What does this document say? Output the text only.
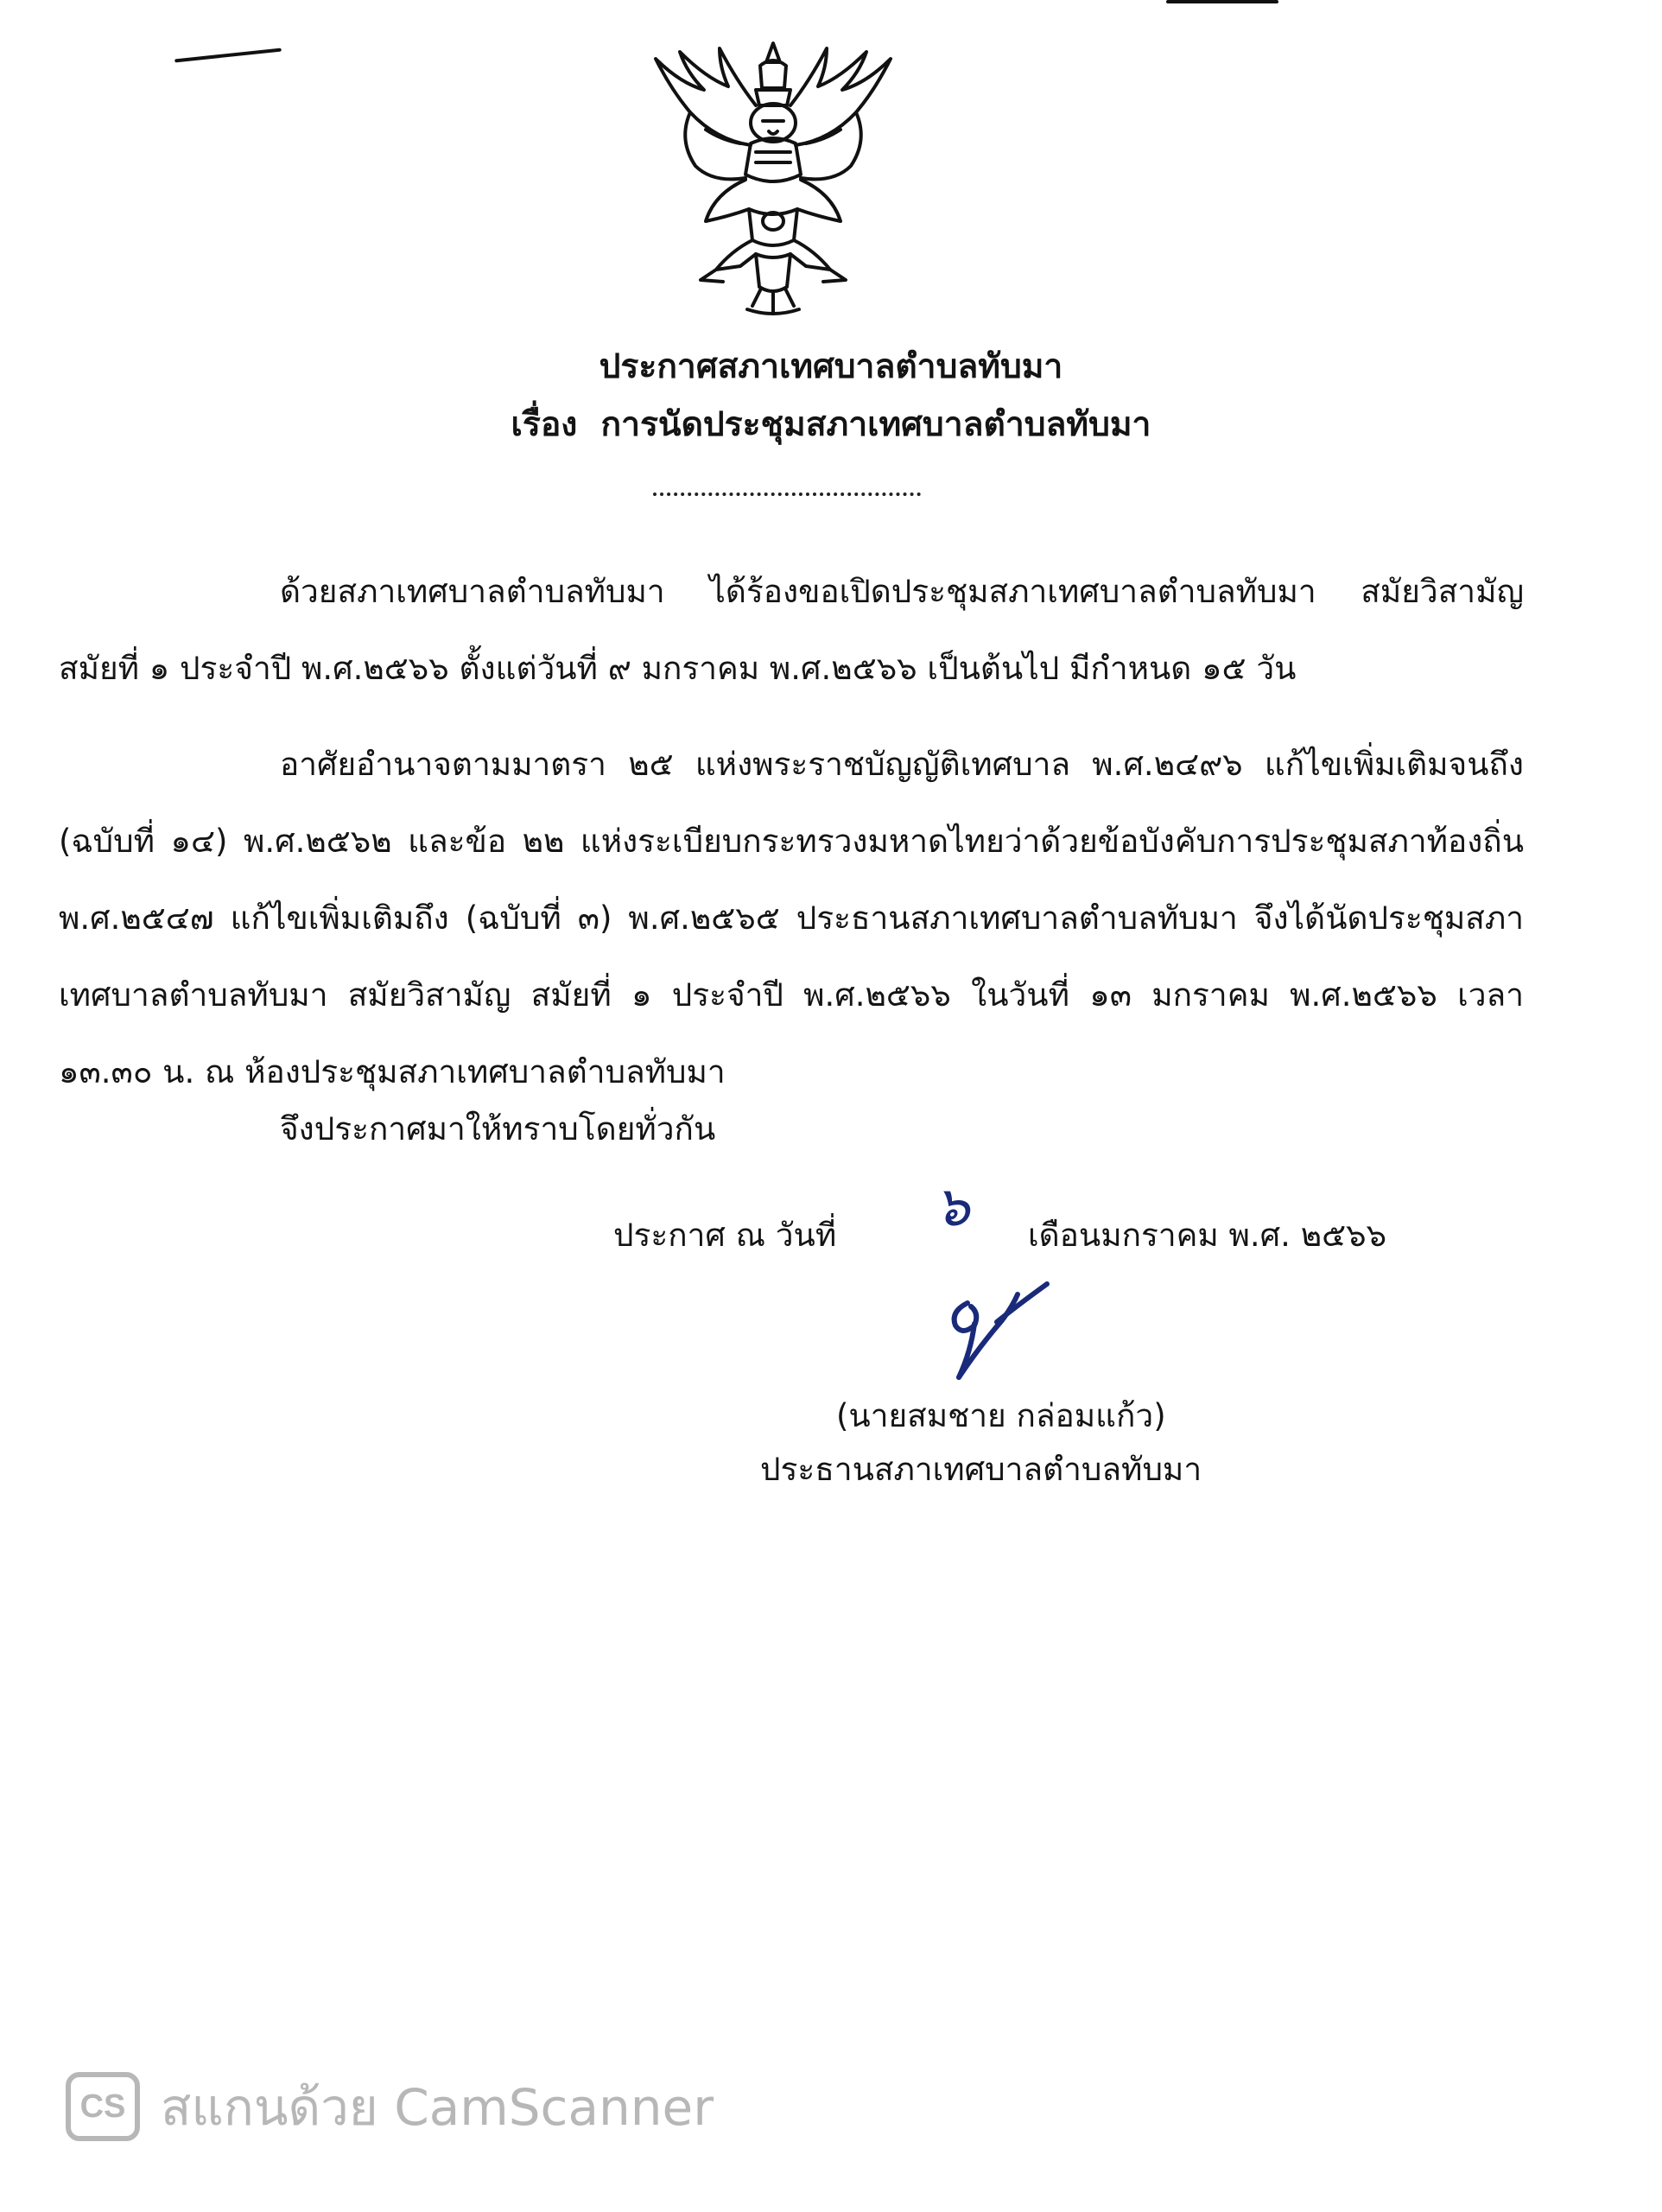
ประกาศสภาเทศบาลตำบลทับมา
เรื่อง การนัดประชุมสภาเทศบาลตำบลทับมา
ด้วยสภาเทศบาลตำบลทับมา ได้ร้องขอเปิดประชุมสภาเทศบาลตำบลทับมา สมัยวิสามัญ
สมัยที่ ๑ ประจำปี พ.ศ.๒๕๖๖ ตั้งแต่วันที่ ๙ มกราคม พ.ศ.๒๕๖๖ เป็นต้นไป มีกำหนด ๑๕ วัน
อาศัยอำนาจตามมาตรา ๒๕ แห่งพระราชบัญญัติเทศบาล พ.ศ.๒๔๙๖ แก้ไขเพิ่มเติมจนถึง
(ฉบับที่ ๑๔) พ.ศ.๒๕๖๒ และข้อ ๒๒ แห่งระเบียบกระทรวงมหาดไทยว่าด้วยข้อบังคับการประชุมสภาท้องถิ่น
พ.ศ.๒๕๔๗ แก้ไขเพิ่มเติมถึง (ฉบับที่ ๓) พ.ศ.๒๕๖๕ ประธานสภาเทศบาลตำบลทับมา จึงได้นัดประชุมสภา
เทศบาลตำบลทับมา สมัยวิสามัญ สมัยที่ ๑ ประจำปี พ.ศ.๒๕๖๖ ในวันที่ ๑๓ มกราคม พ.ศ.๒๕๖๖ เวลา
๑๓.๓๐ น. ณ ห้องประชุมสภาเทศบาลตำบลทับมา
จึงประกาศมาให้ทราบโดยทั่วกัน
ประกาศ ณ วันที่ ๖ เดือนมกราคม พ.ศ. ๒๕๖๖
(นายสมชาย กล่อมแก้ว)
ประธานสภาเทศบาลตำบลทับมา
CS สแกนด้วย CamScanner
